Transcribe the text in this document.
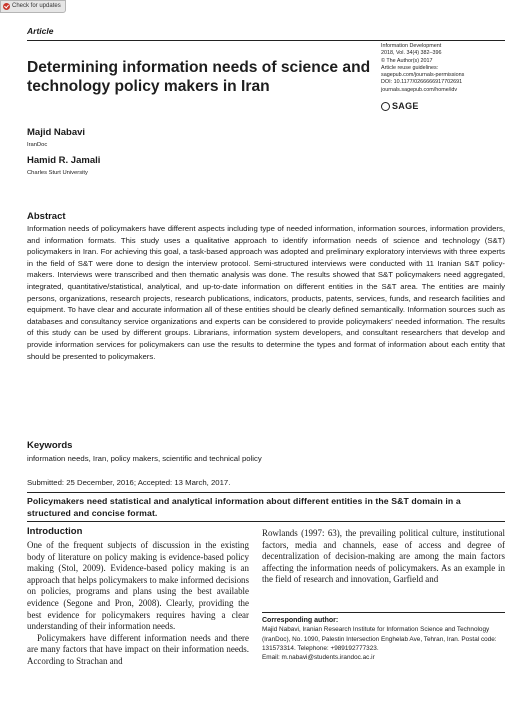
Check for updates
Article
Information Development
2018, Vol. 34(4) 382–396
© The Author(s) 2017
Article reuse guidelines:
sagepub.com/journals-permissions
DOI: 10.1177/0266666917702691
journals.sagepub.com/home/idv
SAGE
Determining information needs of science and technology policy makers in Iran
Majid Nabavi
IranDoc
Hamid R. Jamali
Charles Sturt University
Abstract
Information needs of policymakers have different aspects including type of needed information, information sources, information providers, and information formats. This study uses a qualitative approach to identify information needs of science and technology (S&T) policymakers in Iran. For achieving this goal, a task-based approach was adopted and preliminary exploratory interviews with three experts in the field of S&T were done to design the interview protocol. Semi-structured interviews were conducted with 11 Iranian S&T policy-makers. Interviews were transcribed and then thematic analysis was done. The results showed that S&T policymakers need aggregated, integrated, quantitative/statistical, analytical, and up-to-date information on different entities in the S&T area. The entities are mainly persons, organizations, research projects, research publications, indicators, products, patents, services, funds, and research facilities and equipment. To have clear and accurate information all of these entities should be clearly defined semantically. Information sources such as databases and consultancy service organizations and experts can be considered to provide policymakers' needed information. The results of this study can be used by different groups. Librarians, information system developers, and consultant researchers that develop and provide information services for policymakers can use the results to determine the types and format of information about each entity that should be presented to policymakers.
Keywords
information needs, Iran, policy makers, scientific and technical policy
Submitted: 25 December, 2016; Accepted: 13 March, 2017.
Policymakers need statistical and analytical information about different entities in the S&T domain in a structured and concise format.
Introduction

One of the frequent subjects of discussion in the existing body of literature on policy making is evidence-based policy making (Stol, 2009). Evidence-based policy making is an approach that helps policymakers to make informed decisions on policies, programs and plans using the best available evidence (Segone and Pron, 2008). Clearly, providing the best evidence for policymakers requires having a clear understanding of their information needs.

Policymakers have different information needs and there are many factors that have impact on their information needs. According to Strachan and

Rowlands (1997: 63), the prevailing political culture, institutional factors, media and channels, ease of access and degree of decentralization of decision-making are among the main factors affecting the information needs of policymakers. As an example in the field of research and innovation, Garfield and

Corresponding author:
Majid Nabavi, Iranian Research Institute for Information Science and Technology (IranDoc), No. 1090, Palestin Intersection Enghelab Ave, Tehran, Iran. Postal code: 131573314. Telephone: +989192777323.
Email: m.nabavi@students.irandoc.ac.ir
